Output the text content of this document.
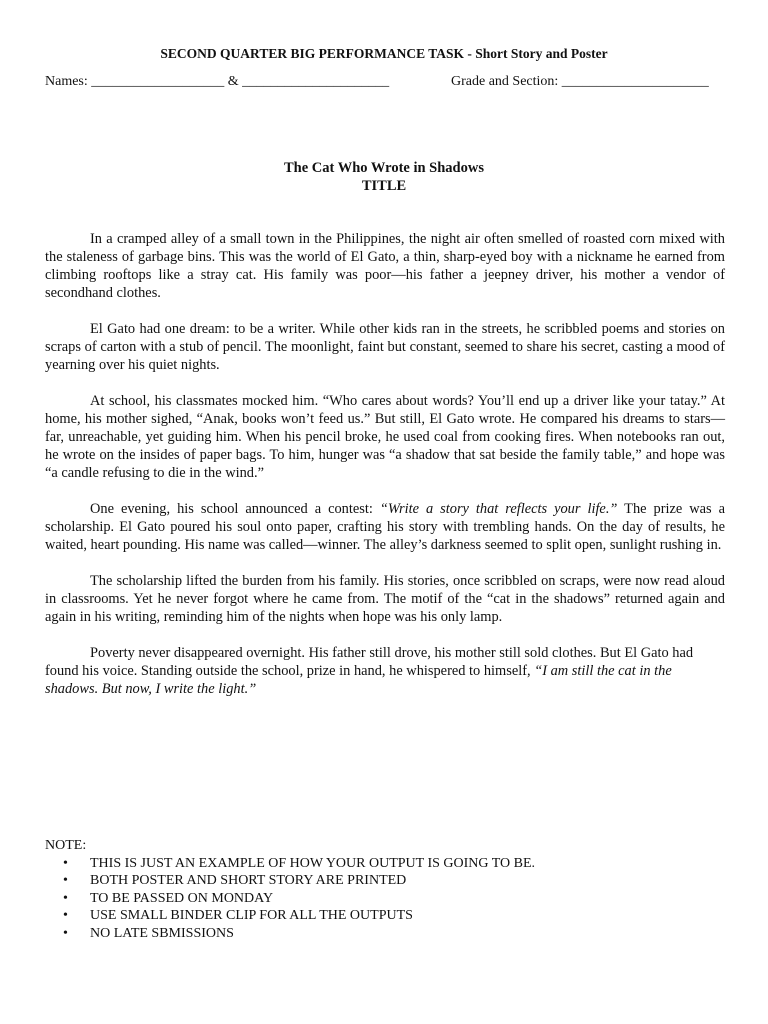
SECOND QUARTER BIG PERFORMANCE TASK - Short Story and Poster
Names: ___________________ & _____________________	Grade and Section: _____________________
The Cat Who Wrote in Shadows
TITLE

In a cramped alley of a small town in the Philippines, the night air often smelled of roasted corn mixed with the staleness of garbage bins. This was the world of El Gato, a thin, sharp-eyed boy with a nickname he earned from climbing rooftops like a stray cat. His family was poor—his father a jeepney driver, his mother a vendor of secondhand clothes.

El Gato had one dream: to be a writer. While other kids ran in the streets, he scribbled poems and stories on scraps of carton with a stub of pencil. The moonlight, faint but constant, seemed to share his secret, casting a mood of yearning over his quiet nights.

At school, his classmates mocked him. “Who cares about words? You’ll end up a driver like your tatay.” At home, his mother sighed, “Anak, books won’t feed us.” But still, El Gato wrote. He compared his dreams to stars—far, unreachable, yet guiding him. When his pencil broke, he used coal from cooking fires. When notebooks ran out, he wrote on the insides of paper bags. To him, hunger was “a shadow that sat beside the family table,” and hope was “a candle refusing to die in the wind.”

One evening, his school announced a contest: “Write a story that reflects your life.” The prize was a scholarship. El Gato poured his soul onto paper, crafting his story with trembling hands. On the day of results, he waited, heart pounding. His name was called—winner. The alley’s darkness seemed to split open, sunlight rushing in.

The scholarship lifted the burden from his family. His stories, once scribbled on scraps, were now read aloud in classrooms. Yet he never forgot where he came from. The motif of the “cat in the shadows” returned again and again in his writing, reminding him of the nights when hope was his only lamp.

Poverty never disappeared overnight. His father still drove, his mother still sold clothes. But El Gato had found his voice. Standing outside the school, prize in hand, he whispered to himself, “I am still the cat in the shadows. But now, I write the light.”

NOTE:
• THIS IS JUST AN EXAMPLE OF HOW YOUR OUTPUT IS GOING TO BE.
• BOTH POSTER AND SHORT STORY ARE PRINTED
• TO BE PASSED ON MONDAY
• USE SMALL BINDER CLIP FOR ALL THE OUTPUTS
• NO LATE SBMISSIONS
